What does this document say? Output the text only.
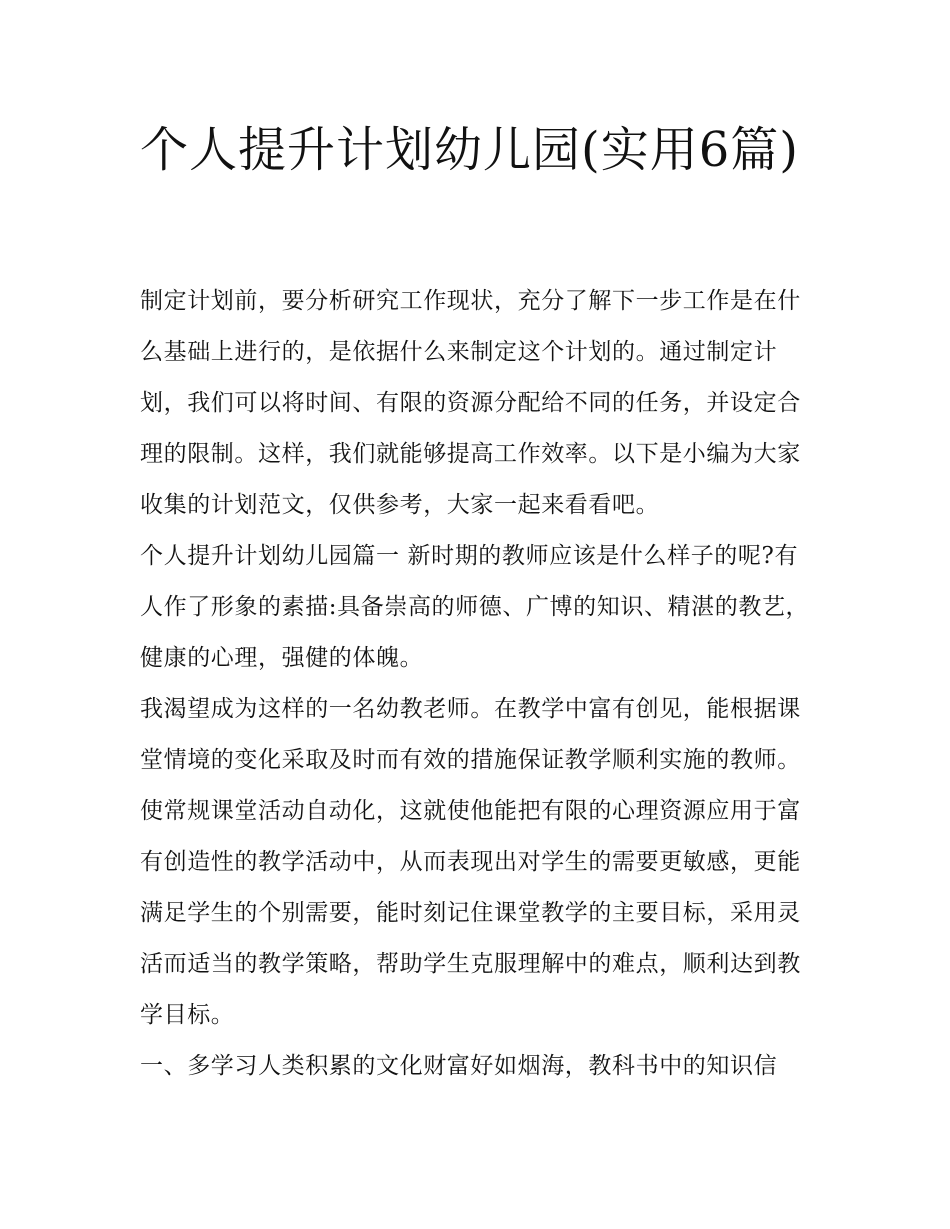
个人提升计划幼儿园(实用6篇)

制定计划前，要分析研究工作现状，充分了解下一步工作是在什么基础上进行的，是依据什么来制定这个计划的。通过制定计划，我们可以将时间、有限的资源分配给不同的任务，并设定合理的限制。这样，我们就能够提高工作效率。以下是小编为大家收集的计划范文，仅供参考，大家一起来看看吧。

个人提升计划幼儿园篇一 新时期的教师应该是什么样子的呢?有人作了形象的素描:具备崇高的师德、广博的知识、精湛的教艺，健康的心理，强健的体魄。

我渴望成为这样的一名幼教老师。在教学中富有创见，能根据课堂情境的变化采取及时而有效的措施保证教学顺利实施的教师。使常规课堂活动自动化，这就使他能把有限的心理资源应用于富有创造性的教学活动中，从而表现出对学生的需要更敏感，更能满足学生的个别需要，能时刻记住课堂教学的主要目标，采用灵活而适当的教学策略，帮助学生克服理解中的难点，顺利达到教学目标。

一、多学习人类积累的文化财富好如烟海，教科书中的知识信
